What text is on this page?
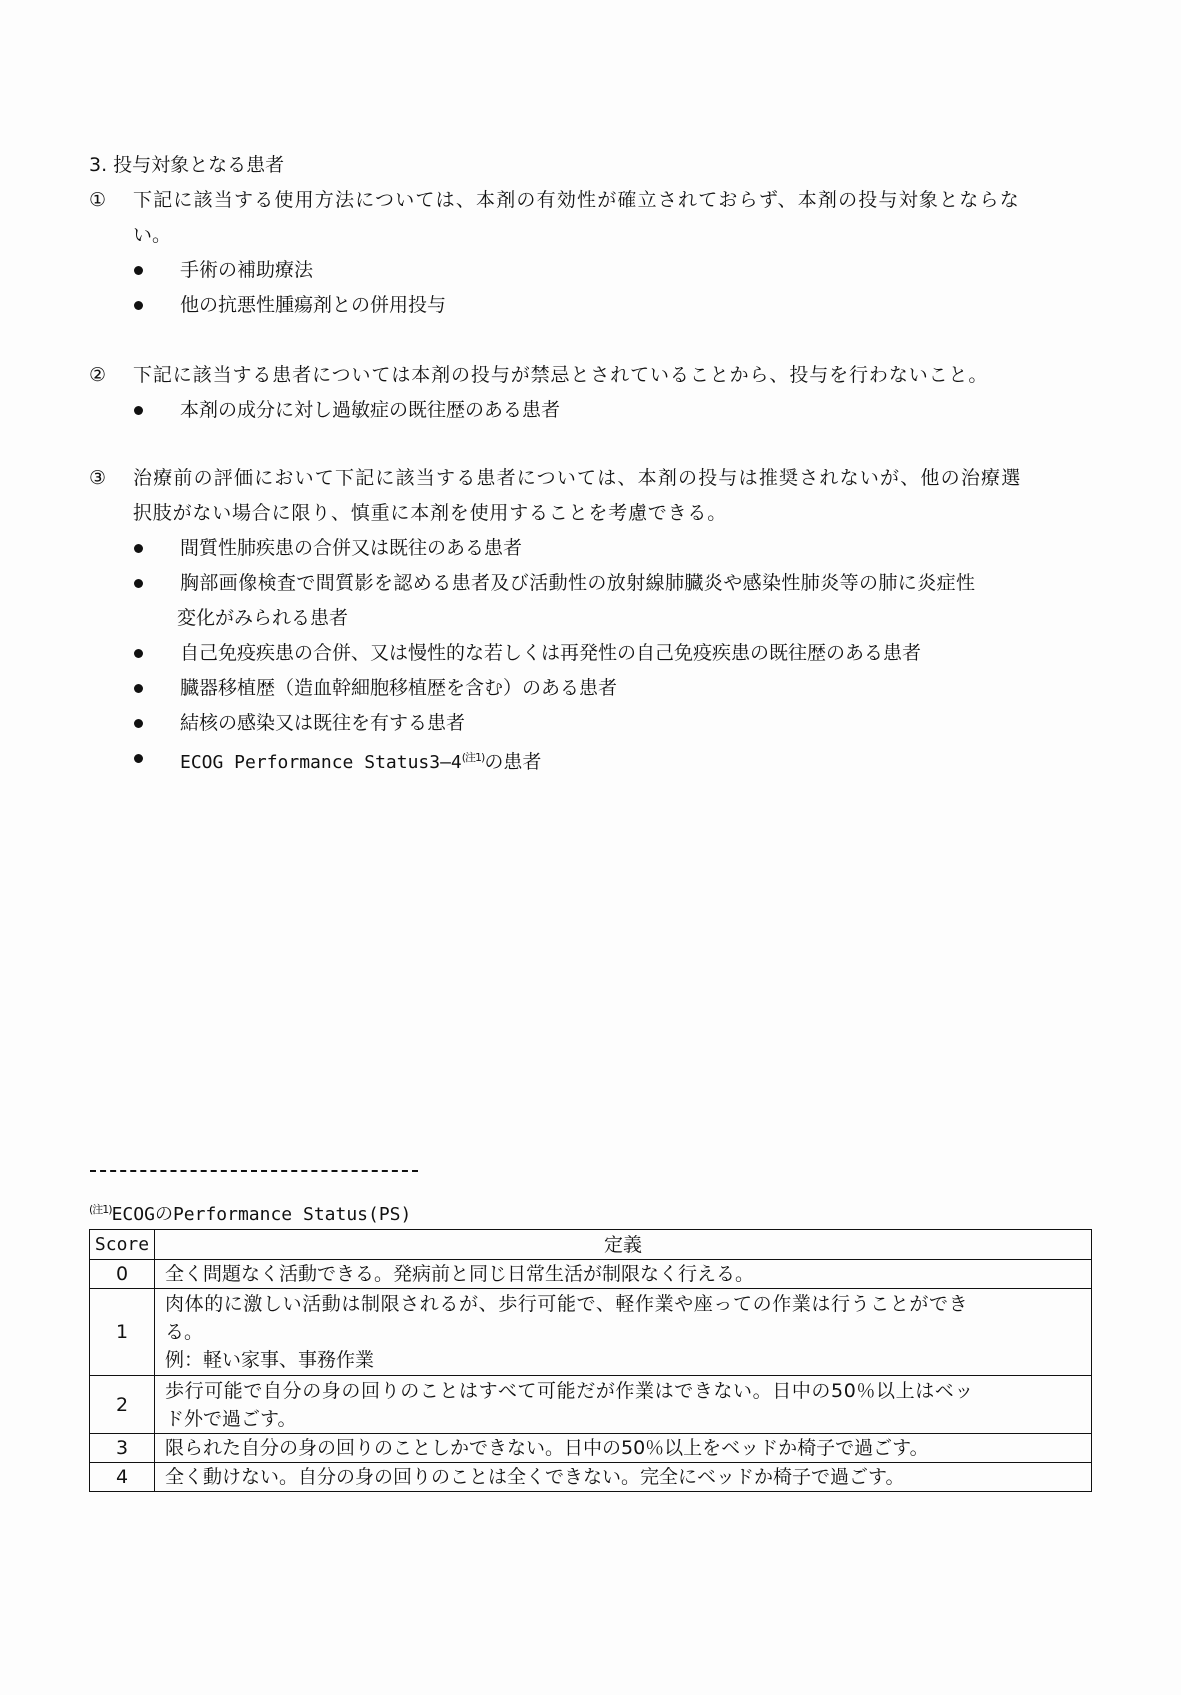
3. 投与対象となる患者
①	下記に該当する使用方法については、本剤の有効性が確立されておらず、本剤の投与対象とならな
い。
手術の補助療法
他の抗悪性腫瘍剤との併用投与
②	下記に該当する患者については本剤の投与が禁忌とされていることから、投与を行わないこと。
本剤の成分に対し過敏症の既往歴のある患者
③	治療前の評価において下記に該当する患者については、本剤の投与は推奨されないが、他の治療選
択肢がない場合に限り、慎重に本剤を使用することを考慮できる。
間質性肺疾患の合併又は既往のある患者
胸部画像検査で間質影を認める患者及び活動性の放射線肺臓炎や感染性肺炎等の肺に炎症性
変化がみられる患者
自己免疫疾患の合併、又は慢性的な若しくは再発性の自己免疫疾患の既往歴のある患者
臓器移植歴（造血幹細胞移植歴を含む）のある患者
結核の感染又は既往を有する患者
ECOG Performance $Status3―4^{(注1)}$の患者
$^{(注1)}$ECOGのPerformance Status(PS)
Score	定義
0	全く問題なく活動できる。発病前と同じ日常生活が制限なく行える。

1	肉体的に激しい活動は制限されるが、歩行可能で、軽作業や座っての作業は行うことができ
る。
例：軽い家事、事務作業

2	歩行可能で自分の身の回りのことはすべて可能だが作業はできない。日中の50％以上はベッ
ド外で過ごす。

3	限られた自分の身の回りのことしかできない。日中の50％以上をベッドか椅子で過ごす。

4	全く動けない。自分の身の回りのことは全くできない。完全にベッドか椅子で過ごす。
